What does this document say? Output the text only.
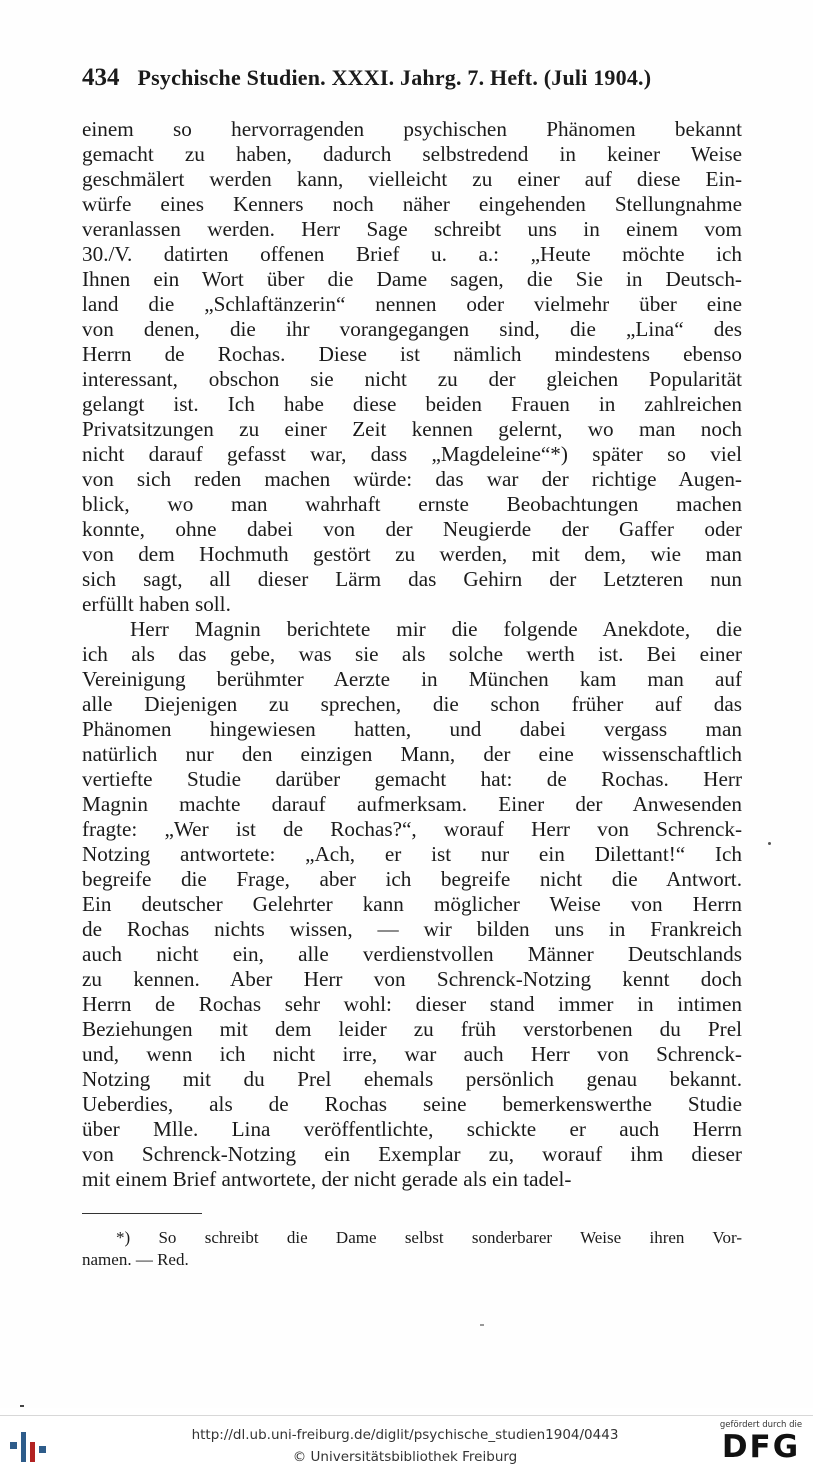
434 Psychische Studien. XXXI. Jahrg. 7. Heft. (Juli 1904.)
einem so hervorragenden psychischen Phänomen bekannt
gemacht zu haben, dadurch selbstredend in keiner Weise
geschmälert werden kann, vielleicht zu einer auf diese Ein-
würfe eines Kenners noch näher eingehenden Stellungnahme
veranlassen werden. Herr Sage schreibt uns in einem vom
30./V. datirten offenen Brief u. a.: „Heute möchte ich
Ihnen ein Wort über die Dame sagen, die Sie in Deutsch-
land die „Schlaftänzerin“ nennen oder vielmehr über eine
von denen, die ihr vorangegangen sind, die „Lina“ des
Herrn de Rochas. Diese ist nämlich mindestens ebenso
interessant, obschon sie nicht zu der gleichen Popularität
gelangt ist. Ich habe diese beiden Frauen in zahlreichen
Privatsitzungen zu einer Zeit kennen gelernt, wo man noch
nicht darauf gefasst war, dass „Magdeleine“*) später so viel
von sich reden machen würde: das war der richtige Augen-
blick, wo man wahrhaft ernste Beobachtungen machen
konnte, ohne dabei von der Neugierde der Gaffer oder
von dem Hochmuth gestört zu werden, mit dem, wie man
sich sagt, all dieser Lärm das Gehirn der Letzteren nun
erfüllt haben soll.
Herr Magnin berichtete mir die folgende Anekdote, die
ich als das gebe, was sie als solche werth ist. Bei einer
Vereinigung berühmter Aerzte in München kam man auf
alle Diejenigen zu sprechen, die schon früher auf das
Phänomen hingewiesen hatten, und dabei vergass man
natürlich nur den einzigen Mann, der eine wissenschaftlich
vertiefte Studie darüber gemacht hat: de Rochas. Herr
Magnin machte darauf aufmerksam. Einer der Anwesenden
fragte: „Wer ist de Rochas?“, worauf Herr von Schrenck-
Notzing antwortete: „Ach, er ist nur ein Dilettant!“ Ich
begreife die Frage, aber ich begreife nicht die Antwort.
Ein deutscher Gelehrter kann möglicher Weise von Herrn
de Rochas nichts wissen, — wir bilden uns in Frankreich
auch nicht ein, alle verdienstvollen Männer Deutschlands
zu kennen. Aber Herr von Schrenck-Notzing kennt doch
Herrn de Rochas sehr wohl: dieser stand immer in intimen
Beziehungen mit dem leider zu früh verstorbenen du Prel
und, wenn ich nicht irre, war auch Herr von Schrenck-
Notzing mit du Prel ehemals persönlich genau bekannt.
Ueberdies, als de Rochas seine bemerkenswerthe Studie
über Mlle. Lina veröffentlichte, schickte er auch Herrn
von Schrenck-Notzing ein Exemplar zu, worauf ihm dieser
mit einem Brief antwortete, der nicht gerade als ein tadel-
*) So schreibt die Dame selbst sonderbarer Weise ihren Vor-
namen. — Red.
http://dl.ub.uni-freiburg.de/diglit/psychische_studien1904/0443
© Universitätsbibliothek Freiburg
gefördert durch die
DFG
